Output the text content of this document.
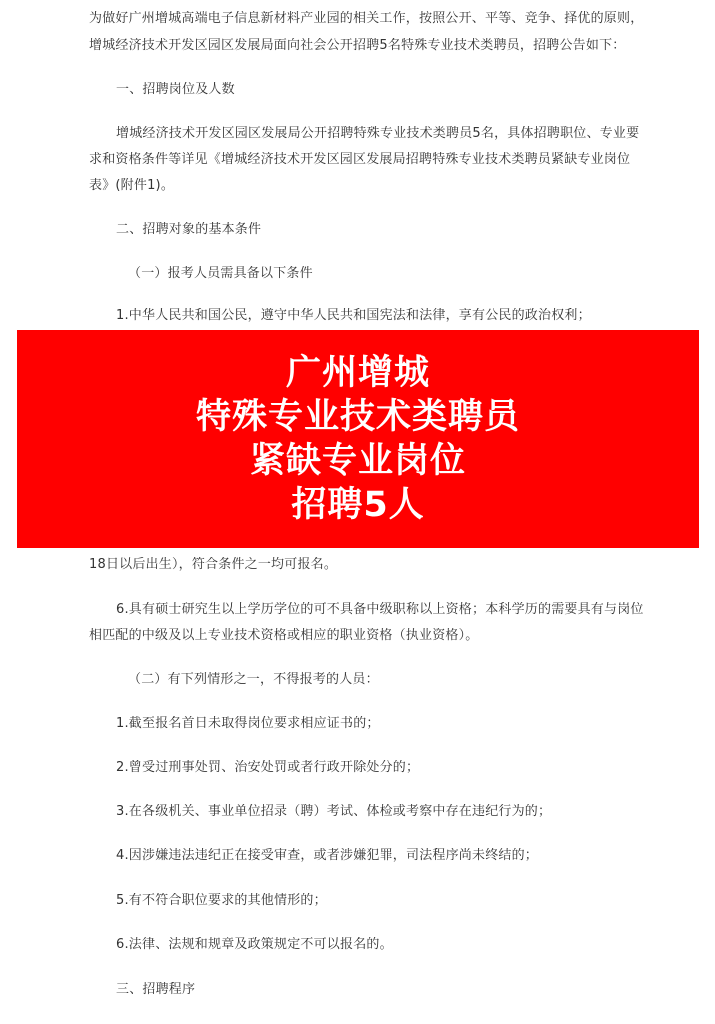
为做好广州增城高端电子信息新材料产业园的相关工作，按照公开、平等、竞争、择优的原则，
增城经济技术开发区园区发展局面向社会公开招聘5名特殊专业技术类聘员，招聘公告如下：
一、招聘岗位及人数
增城经济技术开发区园区发展局公开招聘特殊专业技术类聘员5名，具体招聘职位、专业要
求和资格条件等详见《增城经济技术开发区园区发展局招聘特殊专业技术类聘员紧缺专业岗位
表》(附件1)。
二、招聘对象的基本条件
（一）报考人员需具备以下条件
1.中华人民共和国公民，遵守中华人民共和国宪法和法律，享有公民的政治权利；
18日以后出生），符合条件之一均可报名。
6.具有硕士研究生以上学历学位的可不具备中级职称以上资格；本科学历的需要具有与岗位
相匹配的中级及以上专业技术资格或相应的职业资格（执业资格）。
（二）有下列情形之一，不得报考的人员：
1.截至报名首日未取得岗位要求相应证书的；
2.曾受过刑事处罚、治安处罚或者行政开除处分的；
3.在各级机关、事业单位招录（聘）考试、体检或考察中存在违纪行为的；
4.因涉嫌违法违纪正在接受审查，或者涉嫌犯罪，司法程序尚未终结的；
5.有不符合职位要求的其他情形的；
6.法律、法规和规章及政策规定不可以报名的。
三、招聘程序
广州增城
特殊专业技术类聘员
紧缺专业岗位
招聘5人
